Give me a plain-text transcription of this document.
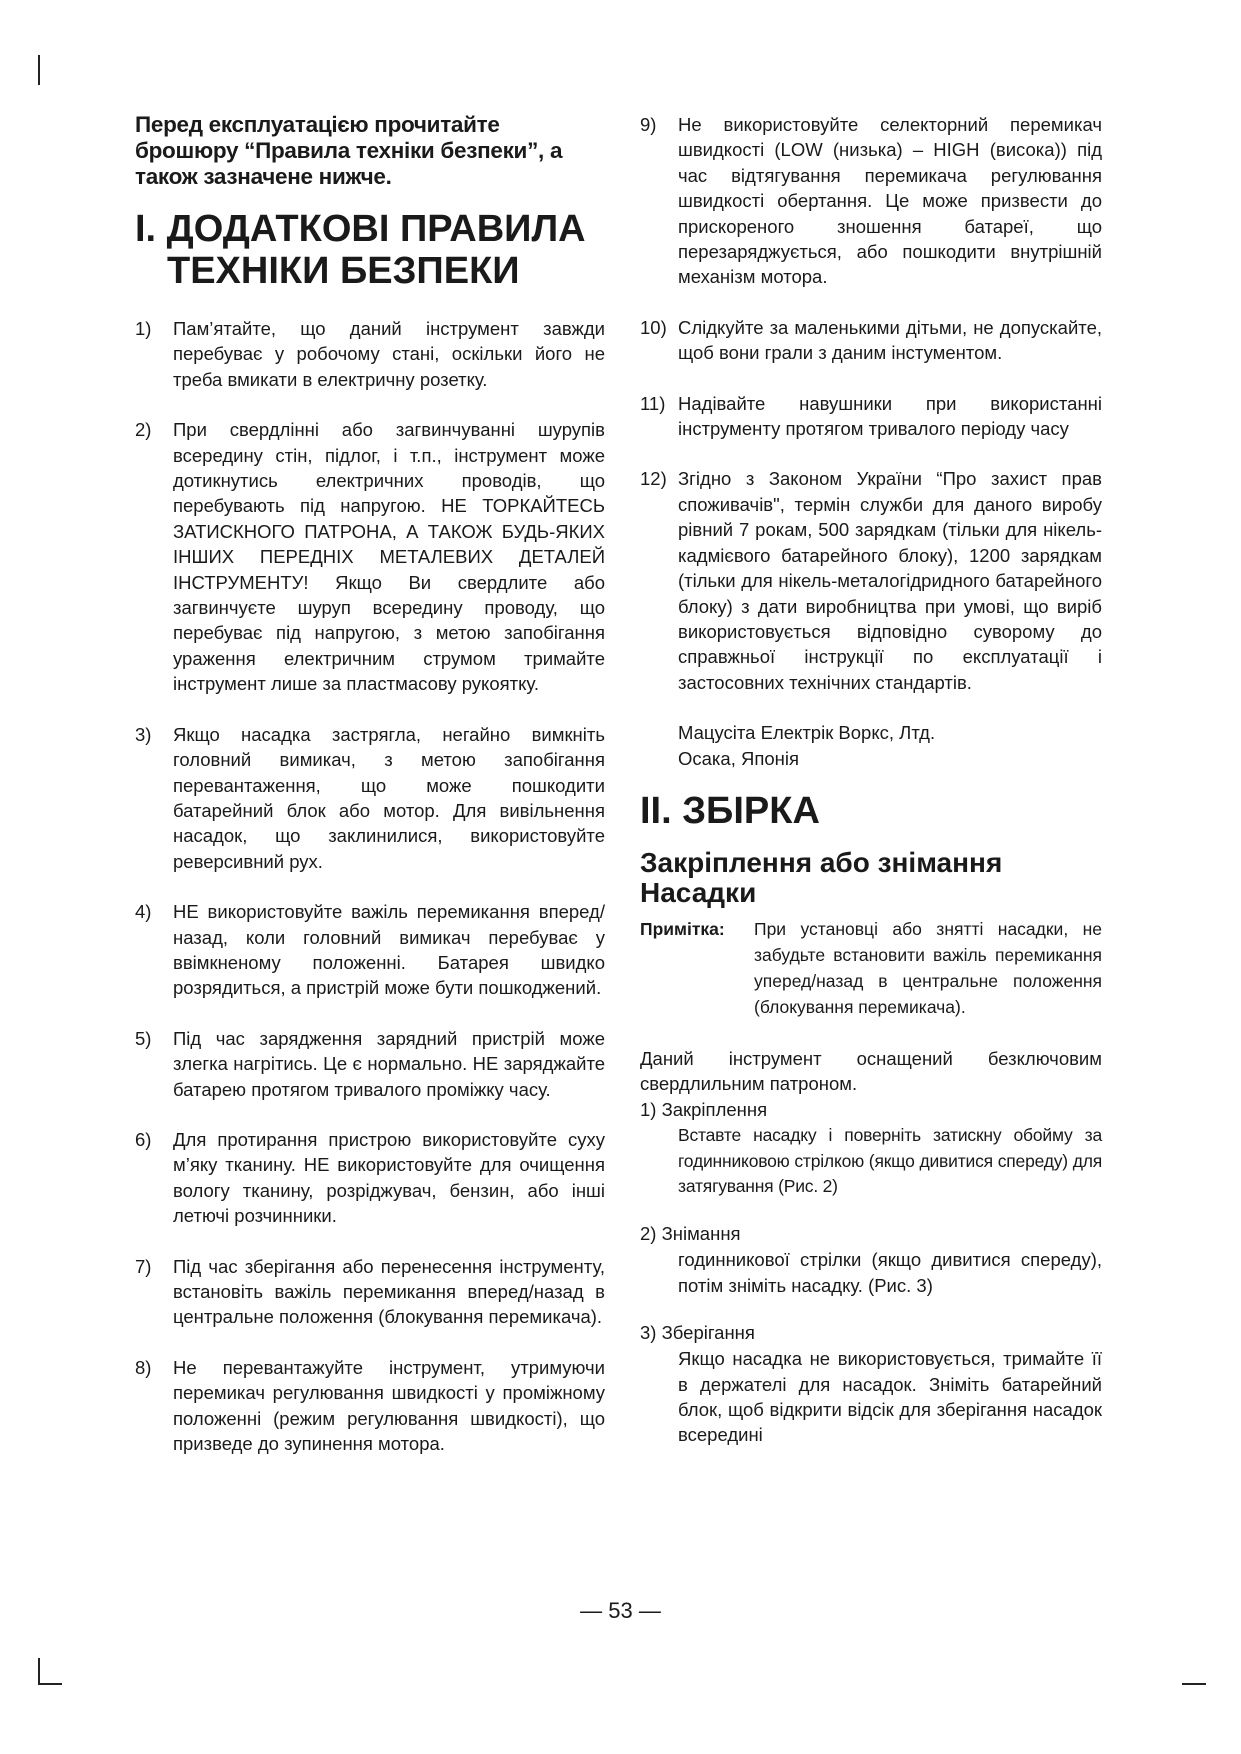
Перед експлуатацією прочитайте брошюру “Правила техніки безпеки”, а також зазначене нижче.

I. ДОДАТКОВІ ПРАВИЛА
ТЕХНІКИ БЕЗПЕКИ
1)	Пам’ятайте, що даний інструмент завжди перебуває у робочому стані, оскільки його не треба вмикати в електричну розетку.
2)	При свердлінні або загвинчуванні шурупів всередину стін, підлог, і т.п., інструмент може дотикнутись електричних проводів, що перебувають під напругою. НЕ ТОРКАЙТЕСЬ ЗАТИСКНОГО ПАТРОНА, А ТАКОЖ БУДЬ-ЯКИХ ІНШИХ ПЕРЕДНІХ МЕТАЛЕВИХ ДЕТАЛЕЙ ІНСТРУМЕНТУ! Якщо Ви свердлите або загвинчуєте шуруп всередину проводу, що перебуває під напругою, з метою запобігання ураження електричним струмом тримайте інструмент лише за пластмасову рукоятку.
3)	Якщо насадка застрягла, негайно вимкніть головний вимикач, з метою запобігання перевантаження, що може пошкодити батарейний блок або мотор. Для вивільнення насадок, що заклинилися, використовуйте реверсивний рух.
4)	НЕ використовуйте важіль перемикання вперед/назад, коли головний вимикач перебуває у ввімкненому положенні. Батарея швидко розрядиться, а пристрій може бути пошкоджений.
5)	Під час зарядження зарядний пристрій може злегка нагрітись. Це є нормально. НЕ заряджайте батарею протягом тривалого проміжку часу.
6)	Для протирання пристрою використовуйте суху м’яку тканину. НЕ використовуйте для очищення вологу тканину, розріджувач, бензин, або інші летючі розчинники.
7)	Під час зберігання або перенесення інструменту, встановіть важіль перемикання вперед/назад в центральне положення (блокування перемикача).
8)	Не перевантажуйте інструмент, утримуючи перемикач регулювання швидкості у проміжному положенні (режим регулювання швидкості), що призведе до зупинення мотора.
9)	Не використовуйте селекторний перемикач швидкості (LOW (низька) – HIGH (висока)) під час відтягування перемикача регулювання швидкості обертання. Це може призвести до прискореного зношення батареї, що перезаряджується, або пошкодити внутрішній механізм мотора.
10) Слідкуйте за маленькими дітьми, не допускайте, щоб вони грали з даним інстументом.
11) Надівайте навушники при використанні інструменту протягом тривалого періоду часу
12) Згідно з Законом України “Про захист прав споживачів", термін служби для даного виробу рівний 7 рокам, 500 зарядкам (тільки для нікель-кадмієвого батарейного блоку), 1200 зарядкам (тільки для нікель-металогідридного батарейного блоку) з дати виробництва при умові, що виріб використовується відповідно суворому до справжньої інструкції по експлуатації і застосовних технічних стандартів.
Мацусіта Електрік Воркс, Лтд.
Осака, Японія
II. ЗБІРКА
Закріплення або знімання Насадки
Примітка:	При установці або знятті насадки, не забудьте встановити важіль перемикання уперед/назад в центральне положення (блокування перемикача).
Даний інструмент оснащений безключовим свердлильним патроном.
1) Закріплення
Вставте насадку і поверніть затискну обойму за годинниковою стрілкою (якщо дивитися спереду) для затягування (Рис. 2)
2) Знімання
годинникової стрілки (якщо дивитися спереду), потім зніміть насадку. (Рис. 3)
3) Зберігання
Якщо насадка не використовується, тримайте її в держателі для насадок. Зніміть батарейний блок, щоб відкрити відсік для зберігання насадок всередині
— 53 —
